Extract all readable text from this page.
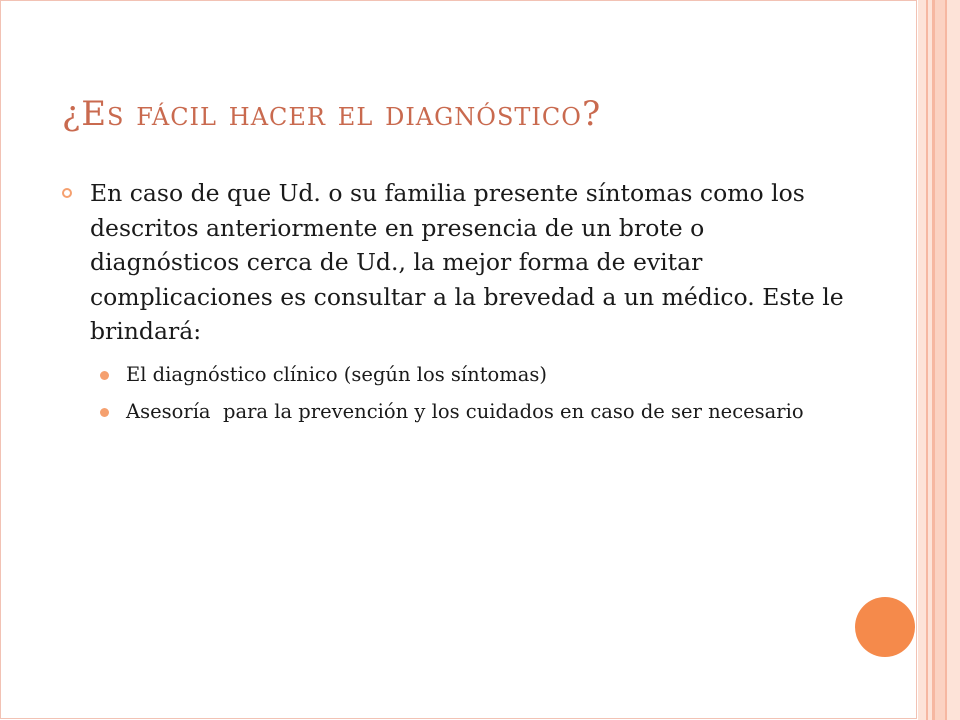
¿Es fácil hacer el diagnóstico?
En caso de que Ud. o su familia presente síntomas como los descritos anteriormente en presencia de un brote o diagnósticos cerca de Ud., la mejor forma de evitar complicaciones es consultar a la brevedad a un médico. Este le brindará:
El diagnóstico clínico (según los síntomas)
Asesoría  para la prevención y los cuidados en caso de ser necesario
